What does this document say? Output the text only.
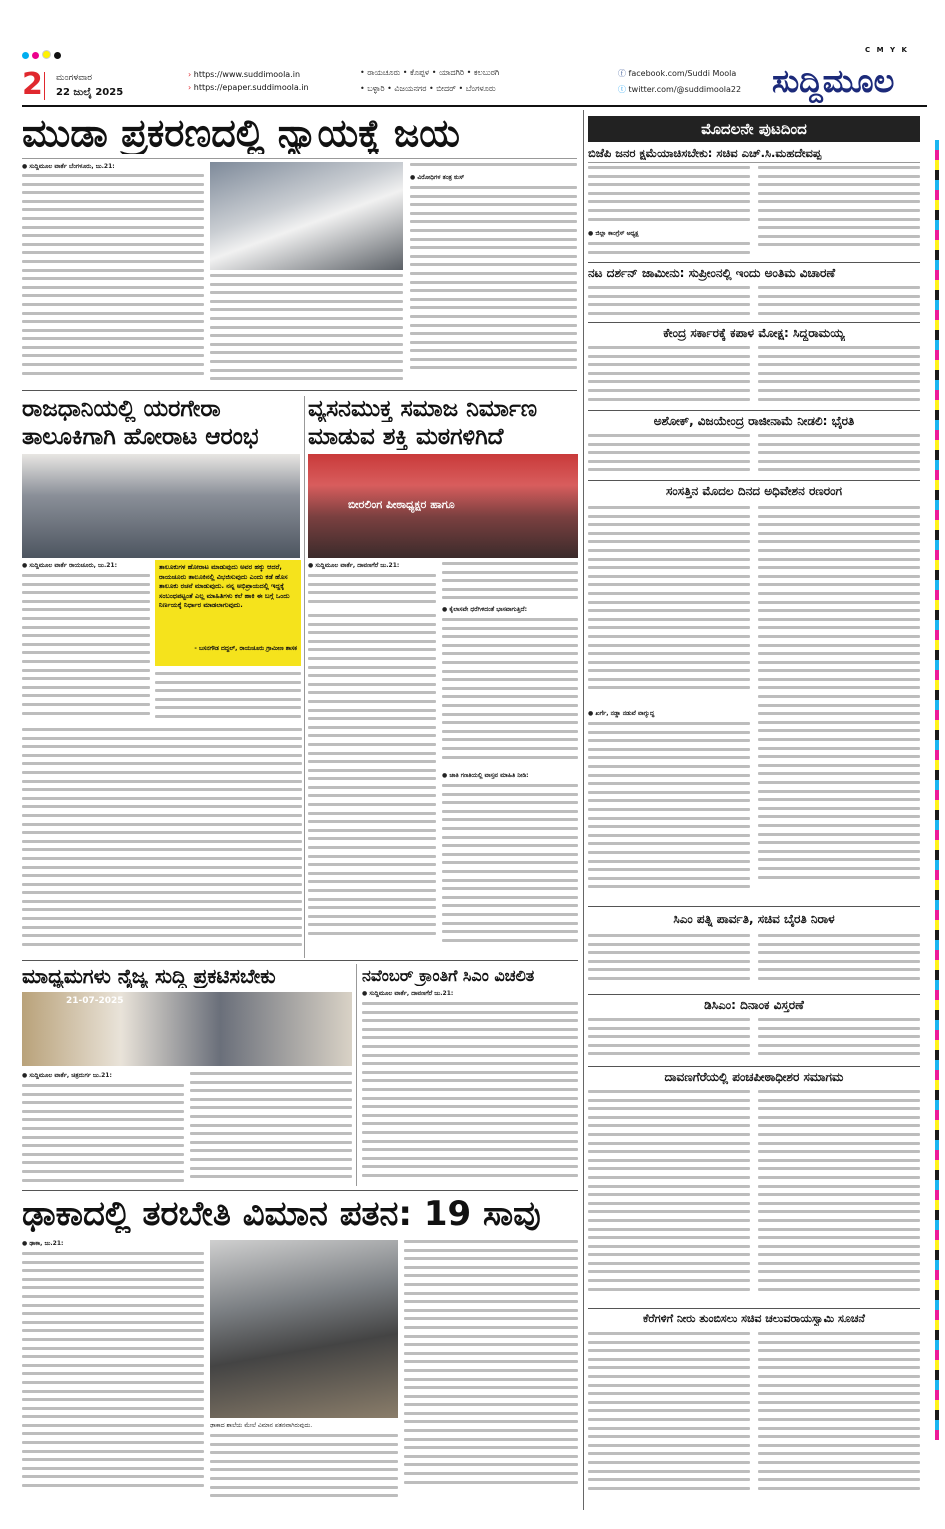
C M Y K
2 ಮಂಗಳವಾರ
22 ಜುಲೈ 2025
› https://www.suddimoola.in
› https://epaper.suddimoola.in
• ರಾಯಚೂರು • ಕೊಪ್ಪಳ • ಯಾದಗಿರಿ • ಕಲಬುರಗಿ
• ಬಳ್ಳಾರಿ • ವಿಜಯನಗರ • ಬೀದರ್ • ಬೆಂಗಳೂರು
ⓕ facebook.com/Suddi Moola
ⓣ twitter.com/@suddimoola22 ಸುದ್ದಿಮೂಲ
ಮುಡಾ ಪ್ರಕರಣದಲ್ಲಿ ನ್ಯಾಯಕ್ಕೆ ಜಯ
● ಸುದ್ದಿಮೂಲ ವಾರ್ತೆ ಬೆಂಗಳೂರು, ಜು.21:
● ವಿರೋಧಿಗಳ ತಂತ್ರ ಠುಸ್
ರಾಜಧಾನಿಯಲ್ಲಿ ಯರಗೇರಾ
ತಾಲೂಕಿಗಾಗಿ ಹೋರಾಟ ಆರಂಭ
● ಸುದ್ದಿಮೂಲ ವಾರ್ತೆ ರಾಯಚೂರು, ಜು.21:	ತಾಲೂಕುಗಳ ಹೋರಾಟ ಮಾಡುವುದು ಅವರ ಹಕ್ಕು ಆದರೆ, ರಾಯಚೂರು ತಾಲೂಕಿನಲ್ಲಿ ವಿಭಜಿಸುವುದು ಎಂದು ಕಡೆ ಹೊಸ ತಾಲೂಕು ರಚನೆ ಮಾಡುವುದು. ನನ್ನ ಅಭಿಪ್ರಾಯದಲ್ಲಿ ಇದ್ದಕ್ಕೆ ಸಂಬಂಧಪಟ್ಟಂತೆ ಎಲ್ಲ ಮಾಹಿತಿಗಳು ಕಲೆ ಹಾಕಿ ಈ ಬಗ್ಗೆ ಒಂದು ನಿರ್ಣಯಕ್ಕೆ ನಿರ್ಧಾರ ಮಾಡಲಾಗುವುದು.
- ಬಸನಗೌಡ ದದ್ದಲ್, ರಾಯಚೂರು ಗ್ರಾಮೀಣ ಶಾಸಕ
ವ್ಯಸನಮುಕ್ತ ಸಮಾಜ ನಿರ್ಮಾಣ
ಮಾಡುವ ಶಕ್ತಿ ಮಠಗಳಿಗಿದೆ
ಬೀರಲಿಂಗ ಪೀಠಾಧ್ಯಕ್ಷರ ಹಾಗೂ
● ಸುದ್ದಿಮೂಲ ವಾರ್ತೆ, ದಾವಣಗೆರೆ ಜು.21:
● ಕೈಲಾಸವೇ ಧರೆಗಿಳಿದಂತೆ ಭಾಸವಾಗುತ್ತಿದೆ:
● ಜಾತಿ ಗಣತಿಯಲ್ಲಿ ವಾಸ್ತವ ಮಾಹಿತಿ ನೀಡಿ:
ಮಾಧ್ಯಮಗಳು ನೈಜ್ಯ ಸುದ್ದಿ ಪ್ರಕಟಿಸಬೇಕು
21-07-2025
● ಸುದ್ದಿಮೂಲ ವಾರ್ತೆ, ಚಿತ್ರದುರ್ಗ ಜು.21:
ನವೆಂಬರ್ ಕ್ರಾಂತಿಗೆ ಸಿಎಂ ವಿಚಲಿತ
● ಸುದ್ದಿಮೂಲ ವಾರ್ತೆ, ದಾವಣಗೆರೆ ಜು.21:
ಢಾಕಾದಲ್ಲಿ ತರಬೇತಿ ವಿಮಾನ ಪತನ: 19 ಸಾವು
● ಢಾಕಾ, ಜು.21:
ಢಾಕಾದ ಶಾಲೆಯ ಮೇಲೆ ವಿಮಾನ ಪತನವಾಗಿರುವುದು.
ಮೊದಲನೇ ಪುಟದಿಂದ
ಬಿಜೆಪಿ ಜನರ ಕ್ಷಮೆಯಾಚಿಸಬೇಕು: ಸಚಿವ ಎಚ್.ಸಿ.ಮಹದೇವಪ್ಪ
● ಜಿಲ್ಲಾ ಕಾಂಗ್ರೆಸ್ ಅಧ್ಯಕ್ಷ
ನಟ ದರ್ಶನ್ ಜಾಮೀನು: ಸುಪ್ರೀಂನಲ್ಲಿ ಇಂದು ಅಂತಿಮ ವಿಚಾರಣೆ
ಕೇಂದ್ರ ಸರ್ಕಾರಕ್ಕೆ ಕಪಾಳ ಮೋಕ್ಷ: ಸಿದ್ದರಾಮಯ್ಯ
ಅಶೋಕ್, ವಿಜಯೇಂದ್ರ ರಾಜೀನಾಮೆ ನೀಡಲಿ: ಭೈರತಿ
ಸಂಸತ್ತಿನ ಮೊದಲ ದಿನದ ಅಧಿವೇಶನ ರಣರಂಗ
● ಖರ್ಗೆ, ನಡ್ಡಾ ನಡುವೆ ವಾಗ್ಯುದ್ಧ
ಸಿಎಂ ಪತ್ನಿ ಪಾರ್ವತಿ, ಸಚಿವ ಬೈರತಿ ನಿರಾಳ
ಡಿಸಿಎಂ: ದಿನಾಂಕ ವಿಸ್ತರಣೆ
ದಾವಣಗೆರೆಯಲ್ಲಿ ಪಂಚಪೀಠಾಧೀಶರ ಸಮಾಗಮ
ಕೆರೆಗಳಿಗೆ ನೀರು ತುಂಬಿಸಲು ಸಚಿವ ಚಲುವರಾಯಸ್ವಾಮಿ ಸೂಚನೆ
